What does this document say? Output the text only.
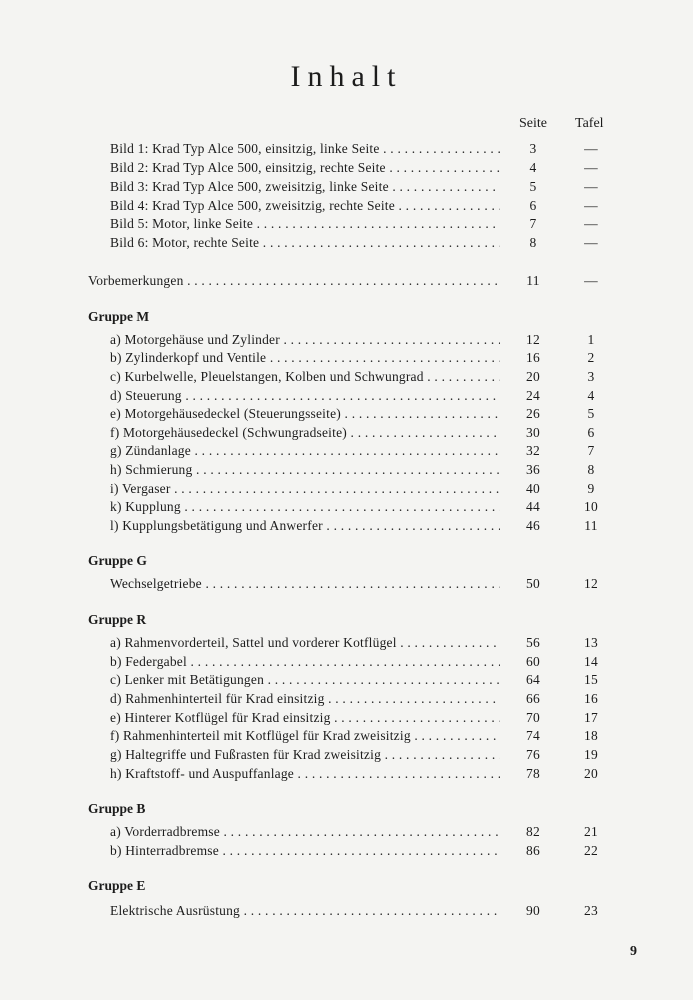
Inhalt
Seite Tafel
Bild 1: Krad Typ Alce 500, einsitzig, linke Seite . . .	3	—
Bild 2: Krad Typ Alce 500, einsitzig, rechte Seite . . .	4	—
Bild 3: Krad Typ Alce 500, zweisitzig, linke Seite . . .	5	—
Bild 4: Krad Typ Alce 500, zweisitzig, rechte Seite . . .	6	—
Bild 5: Motor, linke Seite . . .	7	—
Bild 6: Motor, rechte Seite . . .	8	—
Vorbemerkungen . . .	11	—
Gruppe M
a) Motorgehäuse und Zylinder . . .	12	1
b) Zylinderkopf und Ventile . . .	16	2
c) Kurbelwelle, Pleuelstangen, Kolben und Schwungrad . . .	20	3
d) Steuerung . . .	24	4
e) Motorgehäusedeckel (Steuerungsseite) . . .	26	5
f) Motorgehäusedeckel (Schwungradseite) . . .	30	6
g) Zündanlage . . .	32	7
h) Schmierung . . .	36	8
i) Vergaser . . .	40	9
k) Kupplung . . .	44	10
l) Kupplungsbetätigung und Anwerfer . . .	46	11
Gruppe G
Wechselgetriebe . . .	50	12
Gruppe R
a) Rahmenvorderteil, Sattel und vorderer Kotflügel . . .	56	13
b) Federgabel . . .	60	14
c) Lenker mit Betätigungen . . .	64	15
d) Rahmenhinterteil für Krad einsitzig . . .	66	16
e) Hinterer Kotflügel für Krad einsitzig . . .	70	17
f) Rahmenhinterteil mit Kotflügel für Krad zweisitzig . . .	74	18
g) Haltegriffe und Fußrasten für Krad zweisitzig . . .	76	19
h) Kraftstoff- und Auspuffanlage . . .	78	20
Gruppe B
a) Vorderradbremse . . .	82	21
b) Hinterradbremse . . .	86	22
Gruppe E
Elektrische Ausrüstung . . .	90	23
9
